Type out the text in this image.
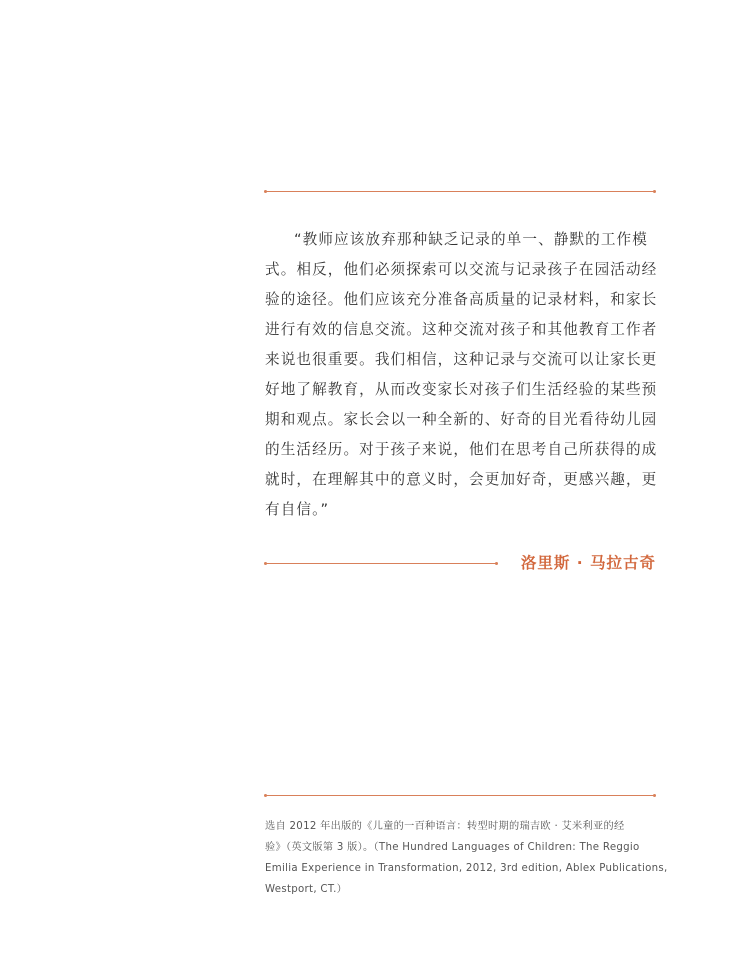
“教师应该放弃那种缺乏记录的单一、静默的工作模
式。相反，他们必须探索可以交流与记录孩子在园活动经
验的途径。他们应该充分准备高质量的记录材料，和家长
进行有效的信息交流。这种交流对孩子和其他教育工作者
来说也很重要。我们相信，这种记录与交流可以让家长更
好地了解教育，从而改变家长对孩子们生活经验的某些预
期和观点。家长会以一种全新的、好奇的目光看待幼儿园
的生活经历。对于孩子来说，他们在思考自己所获得的成
就时，在理解其中的意义时，会更加好奇，更感兴趣，更
有自信。”
洛里斯 · 马拉古奇
选自 2012 年出版的《儿童的一百种语言：转型时期的瑞吉欧 · 艾米利亚的经
验》（英文版第 3 版）。（The Hundred Languages of Children: The Reggio
Emilia Experience in Transformation, 2012, 3rd edition, Ablex Publications,
Westport, CT.）
